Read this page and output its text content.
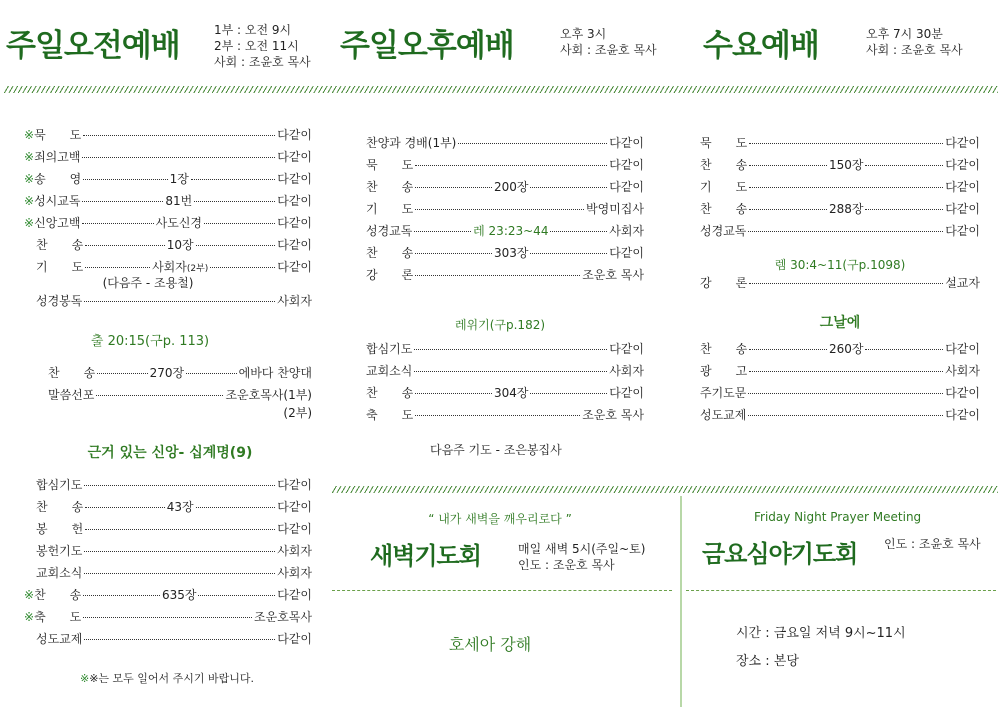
주일오전예배	1부 : 오전 9시
2부 : 오전 11시
사회 : 조윤호 목사 주일오후예배	오후 3시
사회 : 조윤호 목사 수요예배	오후 7시 30분
사회 : 조윤호 목사
※ 묵　　도	다같이
※ 죄의고백	다같이
※ 송　　영	1장	다같이
※ 성시교독	81번	다같이
※ 신앙고백	사도신경	다같이
찬　　송	10장	다같이
기　　도	사회자(2부)	다같이
(다음주 - 조용철)
성경봉독	사회자
출 20:15(구p. 113)
찬　　송	270장	에바다 찬양대
말씀선포	조운호목사(1부)
(2부)
근거 있는 신앙- 십계명(9)
합심기도	다같이
찬　　송	43장	다같이
봉　　헌	다같이
봉헌기도	사회자
교회소식	사회자
※ 찬　　송	635장	다같이
※ 축　　도	조운호목사
성도교제	다같이
※※는 모두 일어서 주시기 바랍니다.
찬양과 경배(1부)	다같이
묵　　도	다같이
찬　　송	200장	다같이
기　　도	박영미집사
성경교독	레 23:23~44	사회자
찬　　송	303장	다같이
강　　론	조운호 목사
레위기(구p.182)
합심기도	다같이
교회소식	사회자
찬　　송	304장	다같이
축　　도	조운호 목사
다음주 기도 - 조은봉집사
묵　　도	다같이
찬　　송	150장	다같이
기　　도	다같이
찬　　송	288장	다같이
성경교독	다같이
렘 30:4~11(구p.1098)
강　　론	설교자
그날에
찬　　송	260장	다같이
광　　고	사회자
주기도문	다같이
성도교제	다같이
“ 내가 새벽을 깨우리로다 ”
새벽기도회	매일 새벽 5시(주일~토)
인도 : 조운호 목사
호세아 강해
Friday Night Prayer Meeting
금요심야기도회 인도 : 조윤호 목사
시간 : 금요일 저녁 9시~11시
장소 : 본당
